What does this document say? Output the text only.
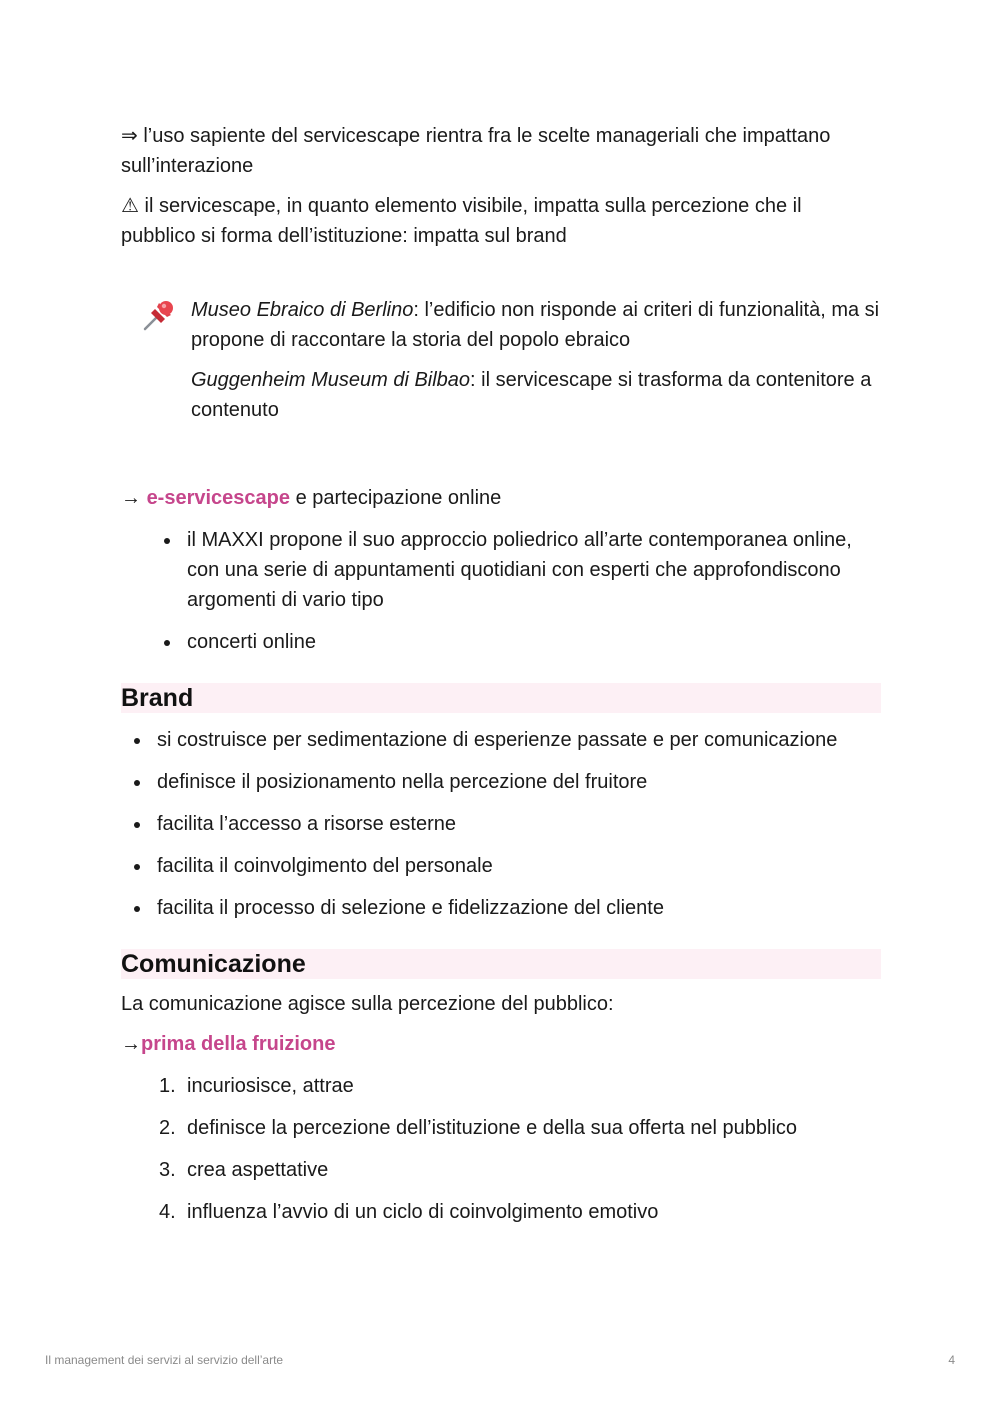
⇒ l’uso sapiente del servicescape rientra fra le scelte manageriali che impattano sull’interazione

⚠ il servicescape, in quanto elemento visibile, impatta sulla percezione che il pubblico si forma dell’istituzione: impatta sul brand

Museo Ebraico di Berlino: l’edificio non risponde ai criteri di funzionalità, ma si propone di raccontare la storia del popolo ebraico

Guggenheim Museum di Bilbao: il servicescape si trasforma da contenitore a contenuto

→ e-servicescape e partecipazione online

il MAXXI propone il suo approccio poliedrico all’arte contemporanea online, con una serie di appuntamenti quotidiani con esperti che approfondiscono argomenti di vario tipo
concerti online
Brand
si costruisce per sedimentazione di esperienze passate e per comunicazione
definisce il posizionamento nella percezione del fruitore
facilita l’accesso a risorse esterne
facilita il coinvolgimento del personale
facilita il processo di selezione e fidelizzazione del cliente
Comunicazione

La comunicazione agisce sulla percezione del pubblico:

→prima della fruizione

1. incuriosisce, attrae
2. definisce la percezione dell’istituzione e della sua offerta nel pubblico
3. crea aspettative
4. influenza l’avvio di un ciclo di coinvolgimento emotivo
Il management dei servizi al servizio dell’arte	4
